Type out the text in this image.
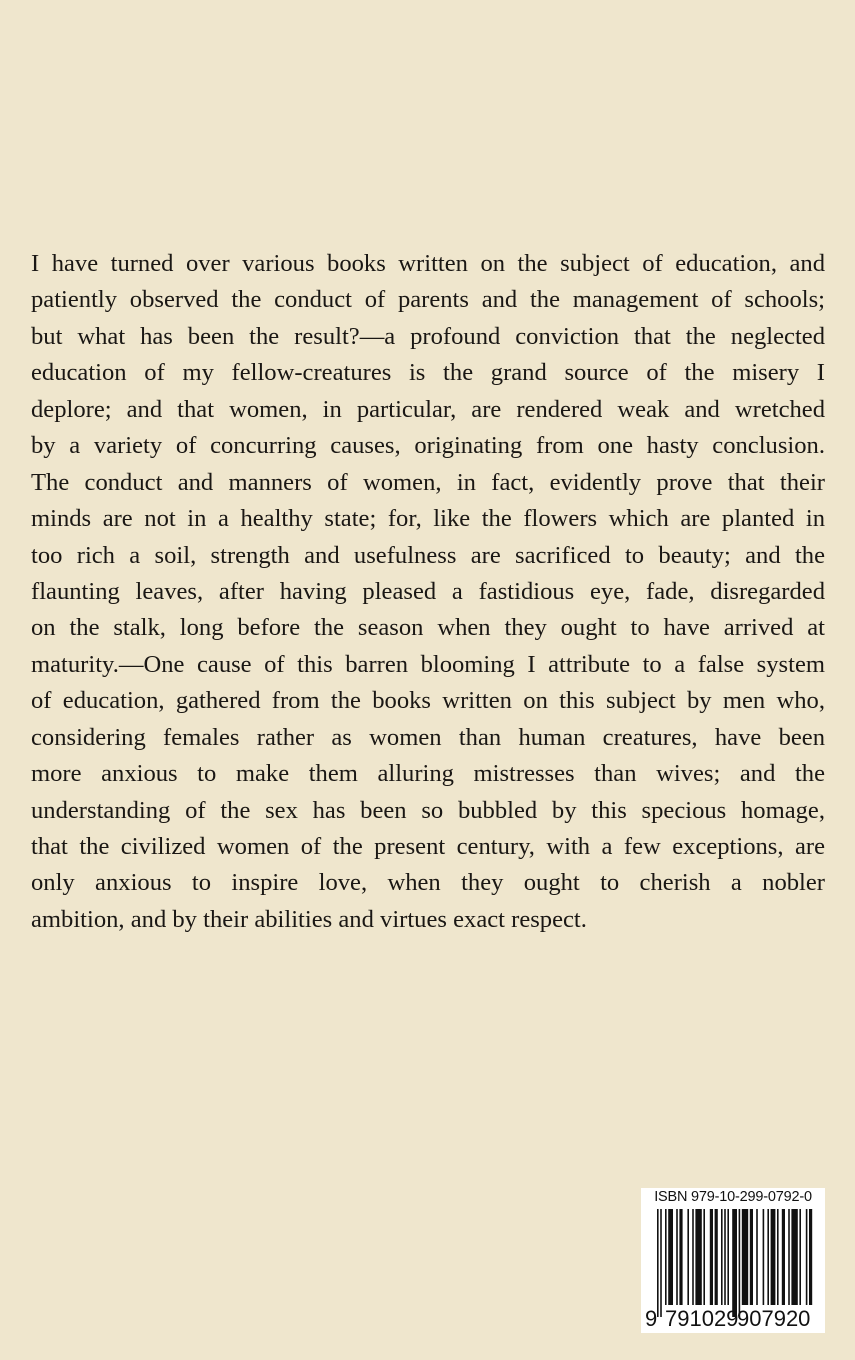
I have turned over various books written on the subject of education, and
patiently observed the conduct of parents and the management of schools;
but what has been the result?—a profound conviction that the neglected
education of my fellow-creatures is the grand source of the misery I
deplore; and that women, in particular, are rendered weak and wretched
by a variety of concurring causes, originating from one hasty conclusion.
The conduct and manners of women, in fact, evidently prove that their
minds are not in a healthy state; for, like the flowers which are planted in
too rich a soil, strength and usefulness are sacrificed to beauty; and the
flaunting leaves, after having pleased a fastidious eye, fade, disregarded
on the stalk, long before the season when they ought to have arrived at
maturity.—One cause of this barren blooming I attribute to a false system
of education, gathered from the books written on this subject by men who,
considering females rather as women than human creatures, have been
more anxious to make them alluring mistresses than wives; and the
understanding of the sex has been so bubbled by this specious homage,
that the civilized women of the present century, with a few exceptions, are
only anxious to inspire love, when they ought to cherish a nobler
ambition, and by their abilities and virtues exact respect.
ISBN 979-10-299-0792-0
9 791029
907920
